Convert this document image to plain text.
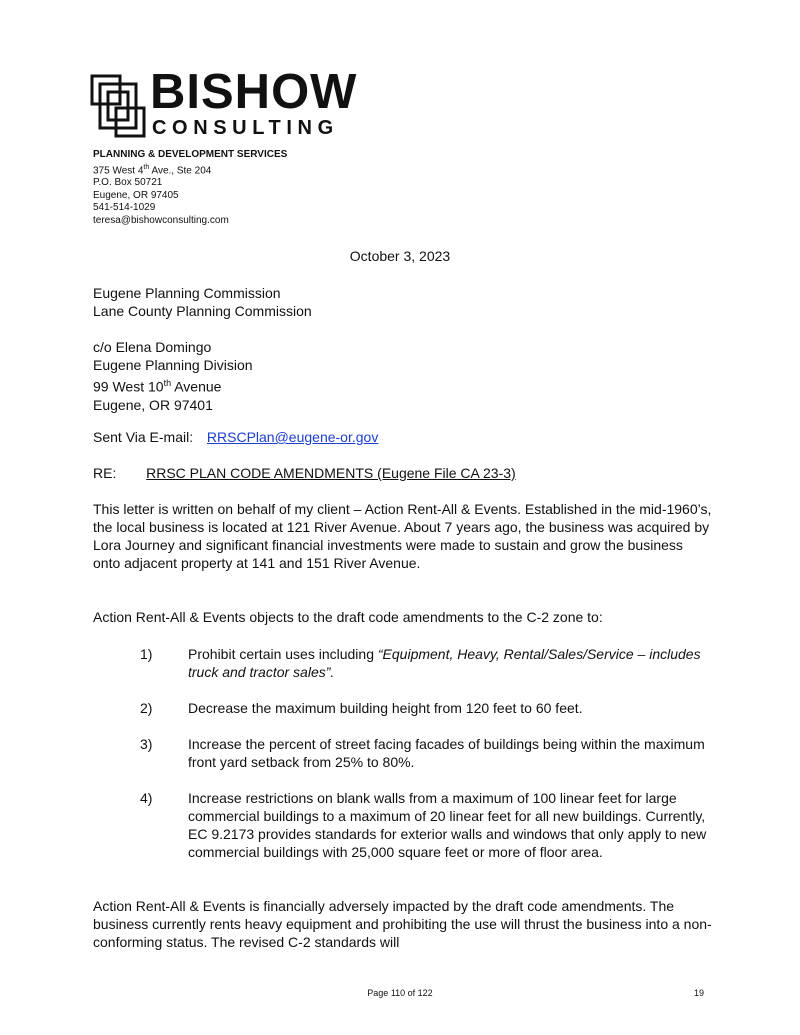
BISHOW
CONSULTING
PLANNING & DEVELOPMENT SERVICES
375 West 4th Ave., Ste 204
P.O. Box 50721
Eugene, OR 97405
541-514-1029
teresa@bishowconsulting.com
October 3, 2023
Eugene Planning Commission
Lane County Planning Commission
c/o Elena Domingo
Eugene Planning Division
99 West 10th Avenue
Eugene, OR 97401
Sent Via E-mail: RRSCPlan@eugene-or.gov
RE: RRSC PLAN CODE AMENDMENTS (Eugene File CA 23-3)
This letter is written on behalf of my client – Action Rent-All & Events. Established in the mid-1960’s, the local business is located at 121 River Avenue. About 7 years ago, the business was acquired by Lora Journey and significant financial investments were made to sustain and grow the business onto adjacent property at 141 and 151 River Avenue.
Action Rent-All & Events objects to the draft code amendments to the C-2 zone to:
1)	Prohibit certain uses including “Equipment, Heavy, Rental/Sales/Service – includes truck and tractor sales”.
2)	Decrease the maximum building height from 120 feet to 60 feet.
3)	Increase the percent of street facing facades of buildings being within the maximum front yard setback from 25% to 80%.
4)	Increase restrictions on blank walls from a maximum of 100 linear feet for large commercial buildings to a maximum of 20 linear feet for all new buildings. Currently, EC 9.2173 provides standards for exterior walls and windows that only apply to new commercial buildings with 25,000 square feet or more of floor area.
Action Rent-All & Events is financially adversely impacted by the draft code amendments. The business currently rents heavy equipment and prohibiting the use will thrust the business into a non-conforming status. The revised C-2 standards will
Page 110 of 122	19
